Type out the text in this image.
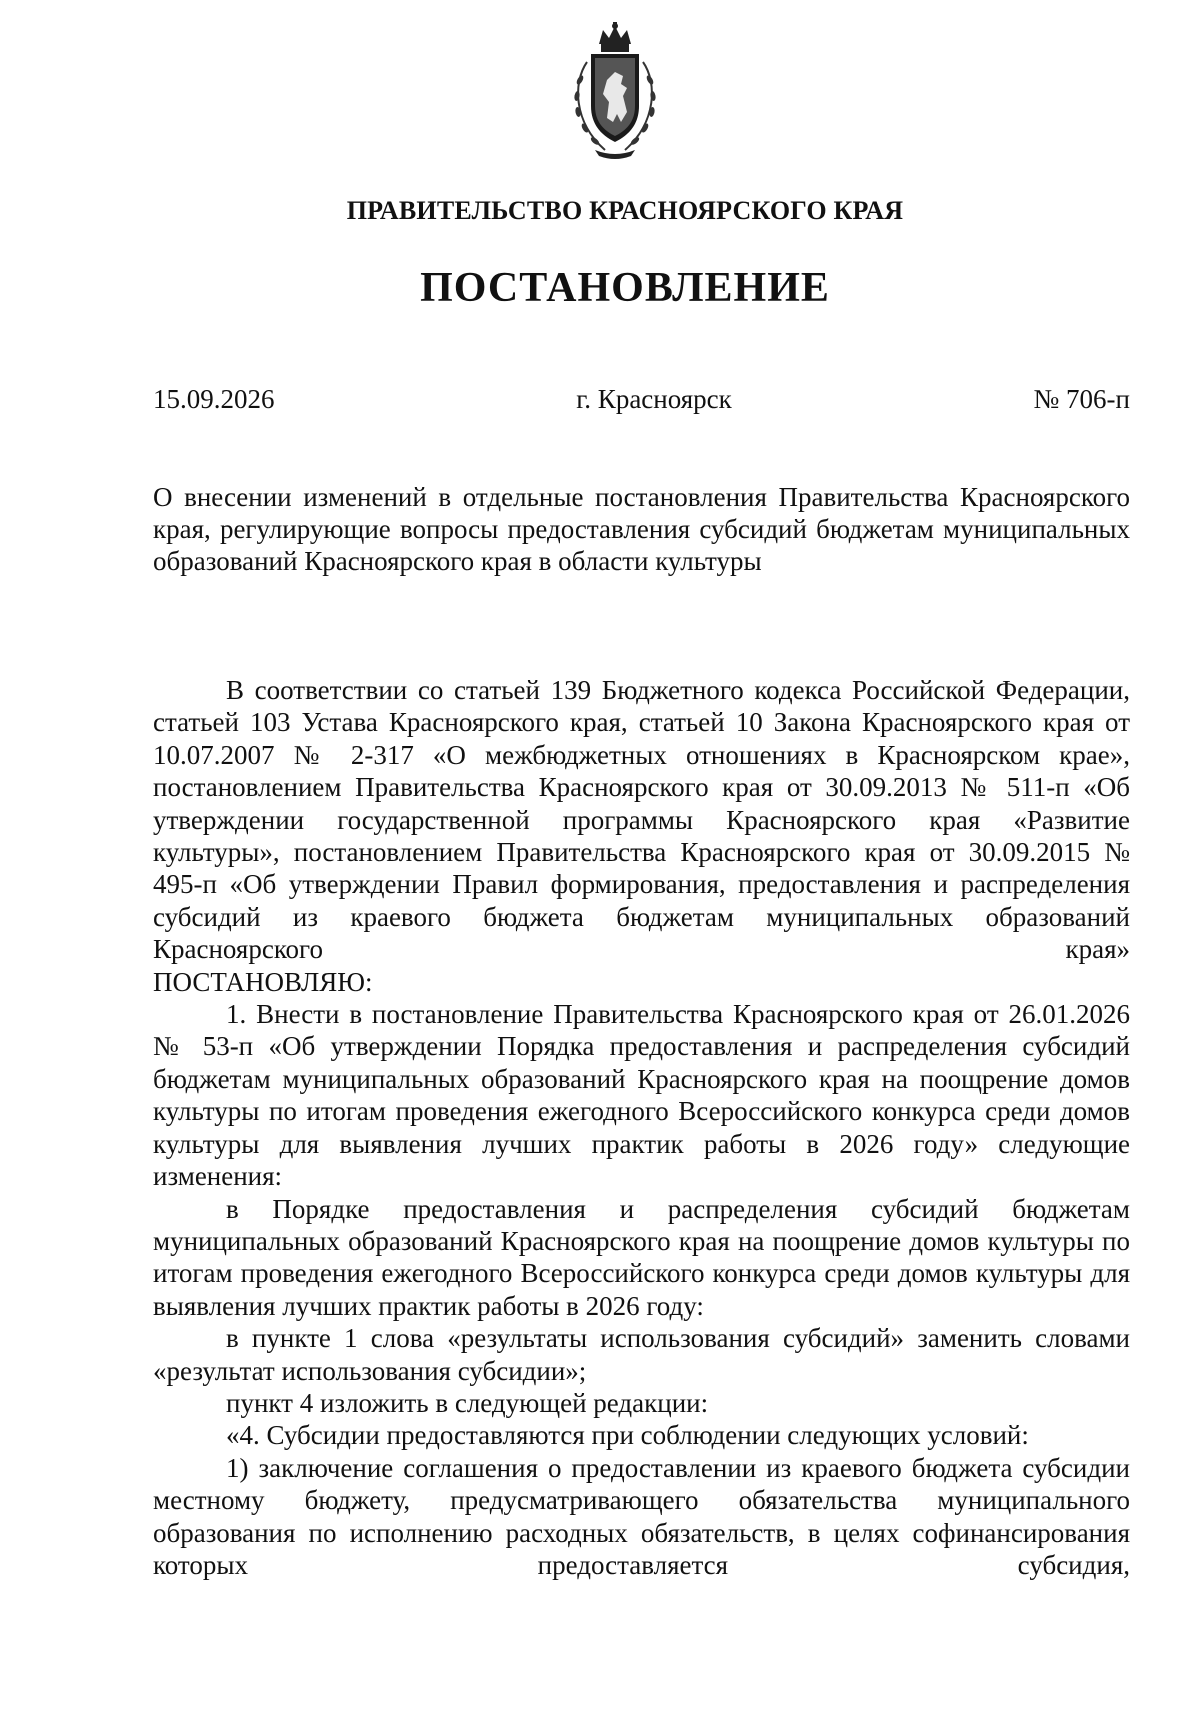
ПРАВИТЕЛЬСТВО КРАСНОЯРСКОГО КРАЯ
ПОСТАНОВЛЕНИЕ
15.09.2026	г. Красноярск	№ 706-п
О внесении изменений в отдельные постановления Правительства Красноярского края, регулирующие вопросы предоставления субсидий бюджетам муниципальных образований Красноярского края в области культуры

В соответствии со статьей 139 Бюджетного кодекса Российской Федерации, статьей 103 Устава Красноярского края, статьей 10 Закона Красноярского края от 10.07.2007 № 2-317 «О межбюджетных отношениях в Красноярском крае», постановлением Правительства Красноярского края от 30.09.2013 № 511-п «Об утверждении государственной программы Красноярского края «Развитие культуры», постановлением Правительства Красноярского края от 30.09.2015 № 495-п «Об утверждении Правил формирования, предоставления и распределения субсидий из краевого бюджета бюджетам муниципальных образований Красноярского края»

ПОСТАНОВЛЯЮ:

1. Внести в постановление Правительства Красноярского края от 26.01.2026 № 53-п «Об утверждении Порядка предоставления и распределения субсидий бюджетам муниципальных образований Красноярского края на поощрение домов культуры по итогам проведения ежегодного Всероссийского конкурса среди домов культуры для выявления лучших практик работы в 2026 году» следующие изменения:

в Порядке предоставления и распределения субсидий бюджетам муниципальных образований Красноярского края на поощрение домов культуры по итогам проведения ежегодного Всероссийского конкурса среди домов культуры для выявления лучших практик работы в 2026 году:

в пункте 1 слова «результаты использования субсидий» заменить словами «результат использования субсидии»;

пункт 4 изложить в следующей редакции:

«4. Субсидии предоставляются при соблюдении следующих условий:

1) заключение соглашения о предоставлении из краевого бюджета субсидии местному бюджету, предусматривающего обязательства муниципального образования по исполнению расходных обязательств, в целях софинансирования которых предоставляется субсидия,
